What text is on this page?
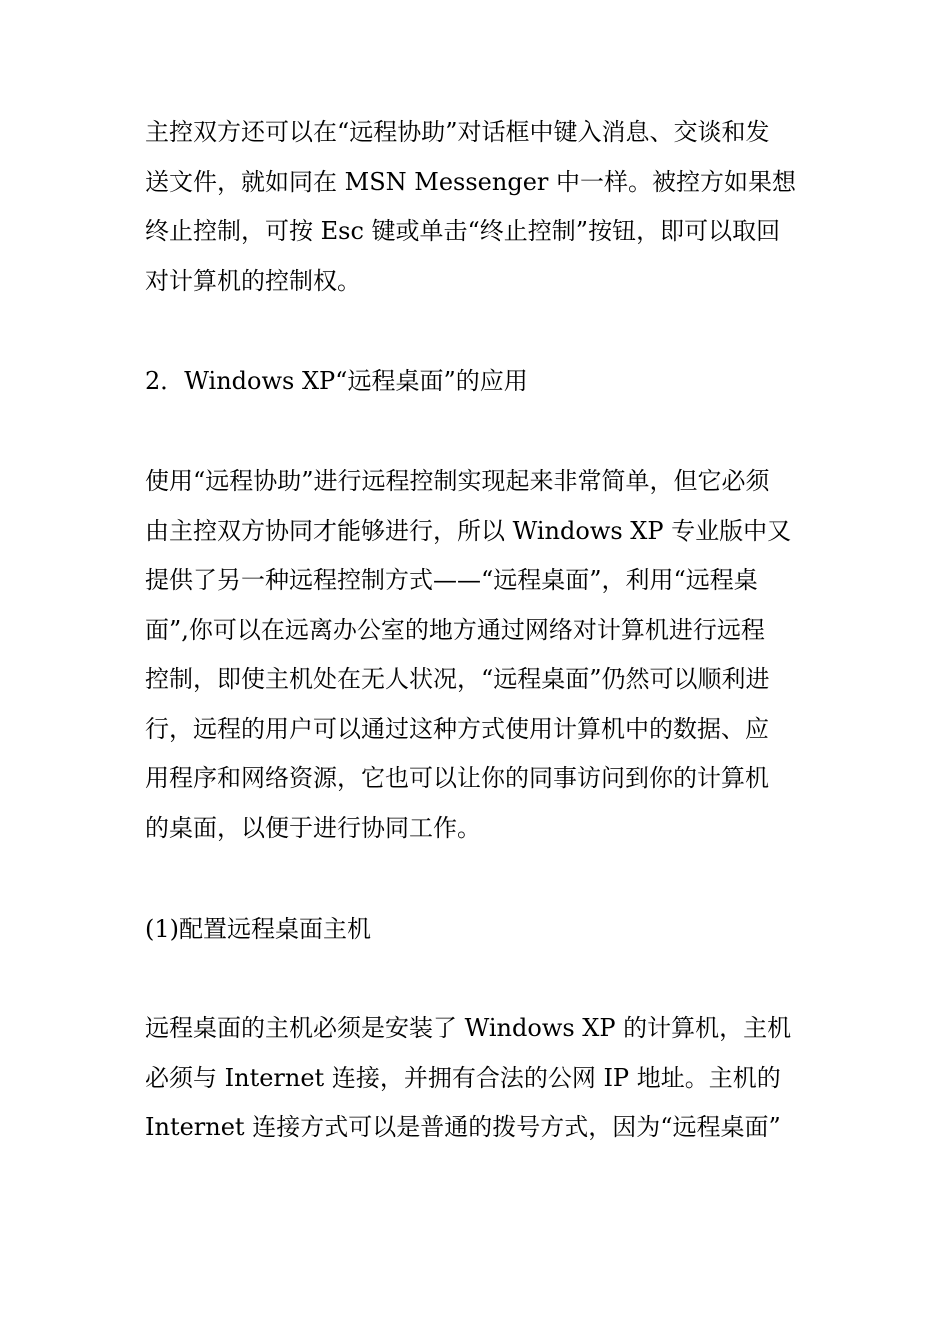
主控双方还可以在“远程协助”对话框中键入消息、交谈和发
送文件，就如同在 MSN Messenger 中一样。被控方如果想
终止控制，可按 Esc 键或单击“终止控制”按钮，即可以取回
对计算机的控制权。
2．Windows XP“远程桌面”的应用
使用“远程协助”进行远程控制实现起来非常简单，但它必须
由主控双方协同才能够进行，所以 Windows XP 专业版中又
提供了另一种远程控制方式——“远程桌面”，利用“远程桌
面”,你可以在远离办公室的地方通过网络对计算机进行远程
控制，即使主机处在无人状况，“远程桌面”仍然可以顺利进
行，远程的用户可以通过这种方式使用计算机中的数据、应
用程序和网络资源，它也可以让你的同事访问到你的计算机
的桌面，以便于进行协同工作。
(1)配置远程桌面主机
远程桌面的主机必须是安装了 Windows XP 的计算机，主机
必须与 Internet 连接，并拥有合法的公网 IP 地址。主机的
Internet 连接方式可以是普通的拨号方式，因为“远程桌面”
